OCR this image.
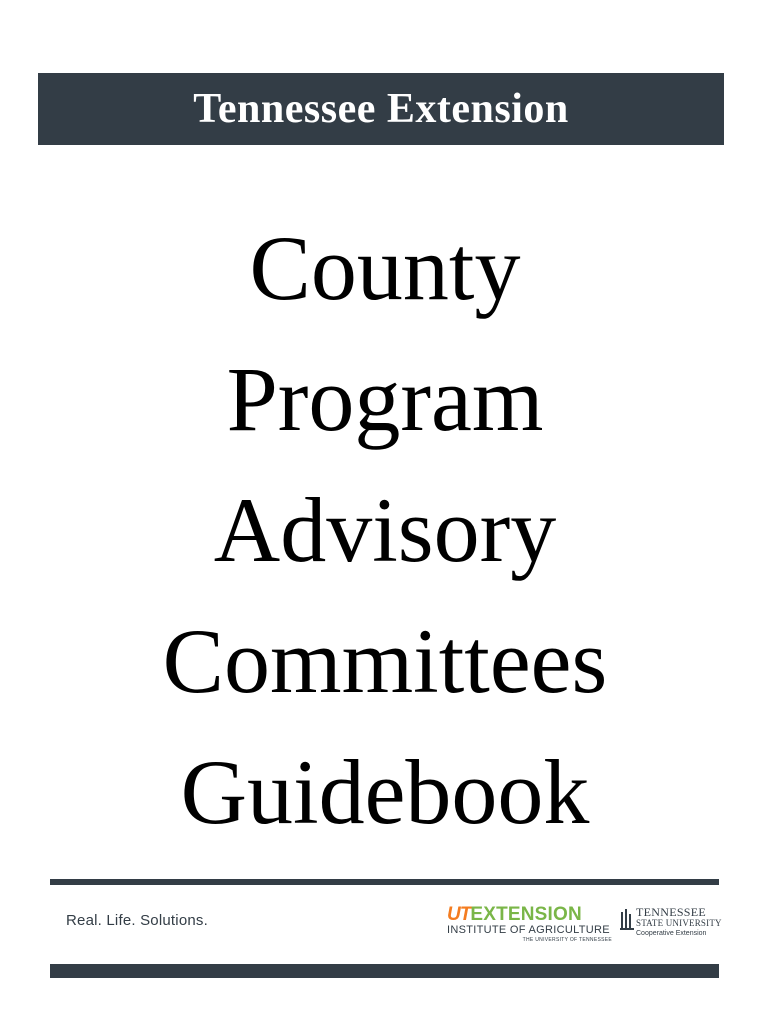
Tennessee Extension
County
Program
Advisory
Committees
Guidebook
Real. Life. Solutions.	UT EXTENSION
INSTITUTE OF AGRICULTURE
THE UNIVERSITY OF TENNESSEE
TENNESSEE
STATE UNIVERSITY
Cooperative Extension
